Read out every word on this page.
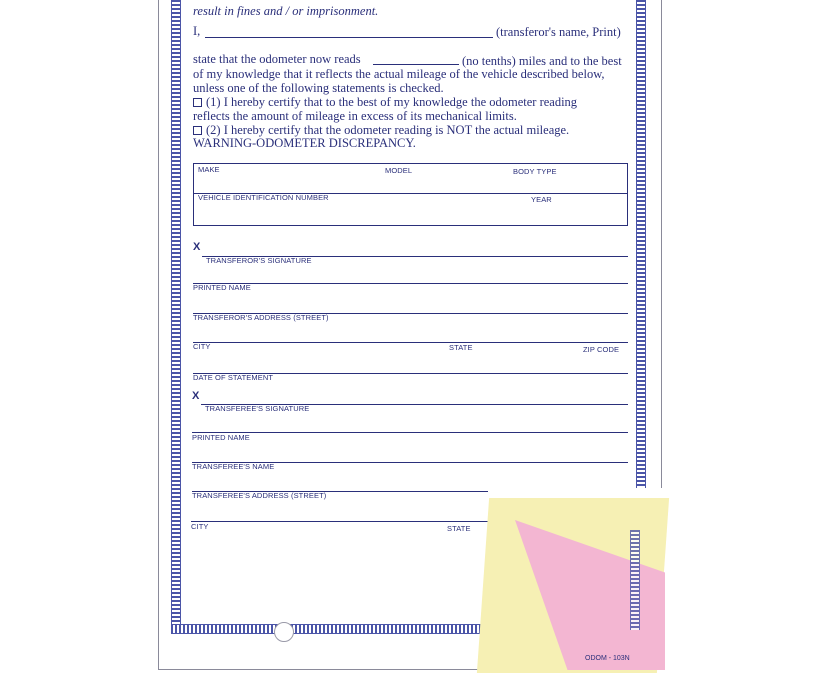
result in fines and / or imprisonment.
I,	(transferor's name, Print)
state that the odometer now reads	(no tenths) miles and to the best
of my knowledge that it reflects the actual mileage of the vehicle described below,
unless one of the following statements is checked.
(1) I hereby certify that to the best of my knowledge the odometer reading
reflects the amount of mileage in excess of its mechanical limits.
(2) I hereby certify that the odometer reading is NOT the actual mileage.
WARNING-ODOMETER DISCREPANCY.
MAKE	MODEL	BODY TYPE
VEHICLE IDENTIFICATION NUMBER	YEAR
X
TRANSFEROR'S SIGNATURE
PRINTED NAME
TRANSFEROR'S ADDRESS (STREET)
CITY	STATE	ZIP CODE
DATE OF STATEMENT
X
TRANSFEREE'S SIGNATURE
PRINTED NAME
TRANSFEREE'S NAME
TRANSFEREE'S ADDRESS (STREET)
CITY	STATE
ODOM - 103N
